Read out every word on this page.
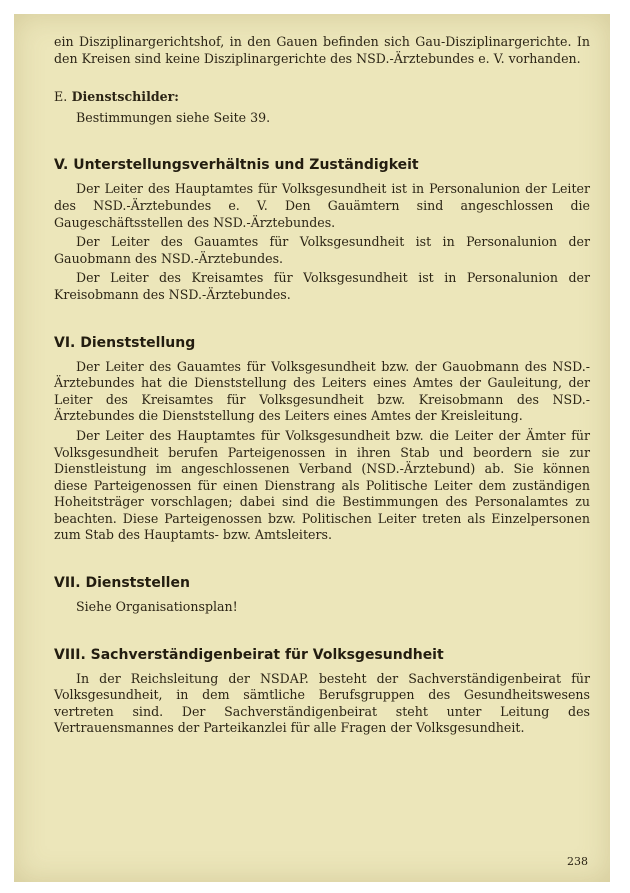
ein Disziplinargerichtshof, in den Gauen befinden sich Gau-Disziplinargerichte. In den Kreisen sind keine Disziplinargerichte des NSD.-Ärztebundes e. V. vorhanden.

E. Dienstschilder:

Bestimmungen siehe Seite 39.

V. Unterstellungsverhältnis und Zuständigkeit

Der Leiter des Hauptamtes für Volksgesundheit ist in Personalunion der Leiter des NSD.-Ärztebundes e. V. Den Gauämtern sind angeschlossen die Gaugeschäftsstellen des NSD.-Ärztebundes.

Der Leiter des Gauamtes für Volksgesundheit ist in Personalunion der Gauobmann des NSD.-Ärztebundes.

Der Leiter des Kreisamtes für Volksgesundheit ist in Personalunion der Kreisobmann des NSD.-Ärztebundes.

VI. Dienststellung

Der Leiter des Gauamtes für Volksgesundheit bzw. der Gauobmann des NSD.-Ärztebundes hat die Dienststellung des Leiters eines Amtes der Gauleitung, der Leiter des Kreisamtes für Volksgesundheit bzw. Kreisobmann des NSD.-Ärztebundes die Dienststellung des Leiters eines Amtes der Kreisleitung.

Der Leiter des Hauptamtes für Volksgesundheit bzw. die Leiter der Ämter für Volksgesundheit berufen Parteigenossen in ihren Stab und beordern sie zur Dienstleistung im angeschlossenen Verband (NSD.-Ärztebund) ab. Sie können diese Parteigenossen für einen Dienstrang als Politische Leiter dem zuständigen Hoheitsträger vorschlagen; dabei sind die Bestimmungen des Personalamtes zu beachten. Diese Parteigenossen bzw. Politischen Leiter treten als Einzelpersonen zum Stab des Hauptamts- bzw. Amtsleiters.

VII. Dienststellen

Siehe Organisationsplan!

VIII. Sachverständigenbeirat für Volksgesundheit

In der Reichsleitung der NSDAP. besteht der Sachverständigenbeirat für Volksgesundheit, in dem sämtliche Berufsgruppen des Gesundheitswesens vertreten sind. Der Sachverständigenbeirat steht unter Leitung des Vertrauensmannes der Parteikanzlei für alle Fragen der Volksgesundheit.

238
